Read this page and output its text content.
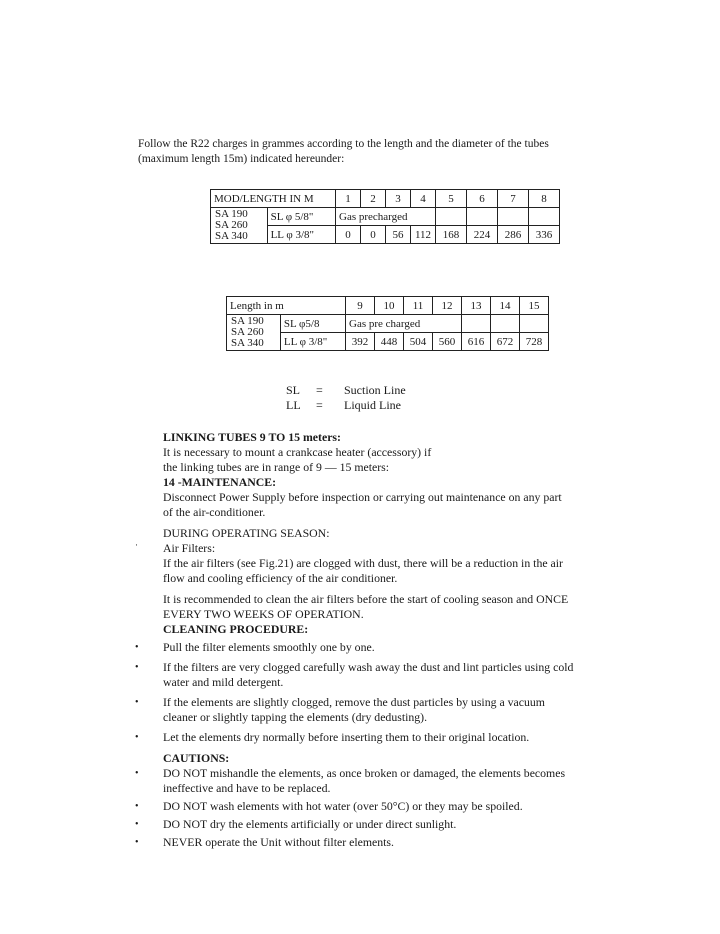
Follow the R22 charges in grammes according to the length and the diameter of the tubes

(maximum length 15m) indicated hereunder:

MOD/LENGTH IN M		1	2	3	4	5	6	7	8

SA 190
SA 260
SA 340	SL φ 5/8"	Gas precharged							
	LL φ 3/8"	0	0	56	112	168	224	286	336
Length in m		9	10	11	12	13	14	15

SA 190
SA 260
SA 340	SL φ5/8	Gas pre charged						
	LL φ 3/8"	392	448	504	560	616	672	728
SL	=	Suction Line
LL	=	Liquid Line
·
LINKING TUBES 9 TO 15 meters:
It is necessary to mount a crankcase heater (accessory) if
the linking tubes are in range of 9 — 15 meters:
14 -MAINTENANCE:
Disconnect Power Supply before inspection or carrying out maintenance on any part
of the air-conditioner.
DURING OPERATING SEASON:
Air Filters:
If the air filters (see Fig.21) are clogged with dust, there will be a reduction in the air
flow and cooling efficiency of the air conditioner.
It is recommended to clean the air filters before the start of cooling season and ONCE
EVERY TWO WEEKS OF OPERATION.
CLEANING PROCEDURE:
• Pull the filter elements smoothly one by one.
• If the filters are very clogged carefully wash away the dust and lint particles using cold
water and mild detergent.
• If the elements are slightly clogged, remove the dust particles by using a vacuum
cleaner or slightly tapping the elements (dry dedusting).
• Let the elements dry normally before inserting them to their original location.
CAUTIONS:
• DO NOT mishandle the elements, as once broken or damaged, the elements becomes
ineffective and have to be replaced.
• DO NOT wash elements with hot water (over 50°C) or they may be spoiled.
• DO NOT dry the elements artificially or under direct sunlight.
• NEVER operate the Unit without filter elements.
